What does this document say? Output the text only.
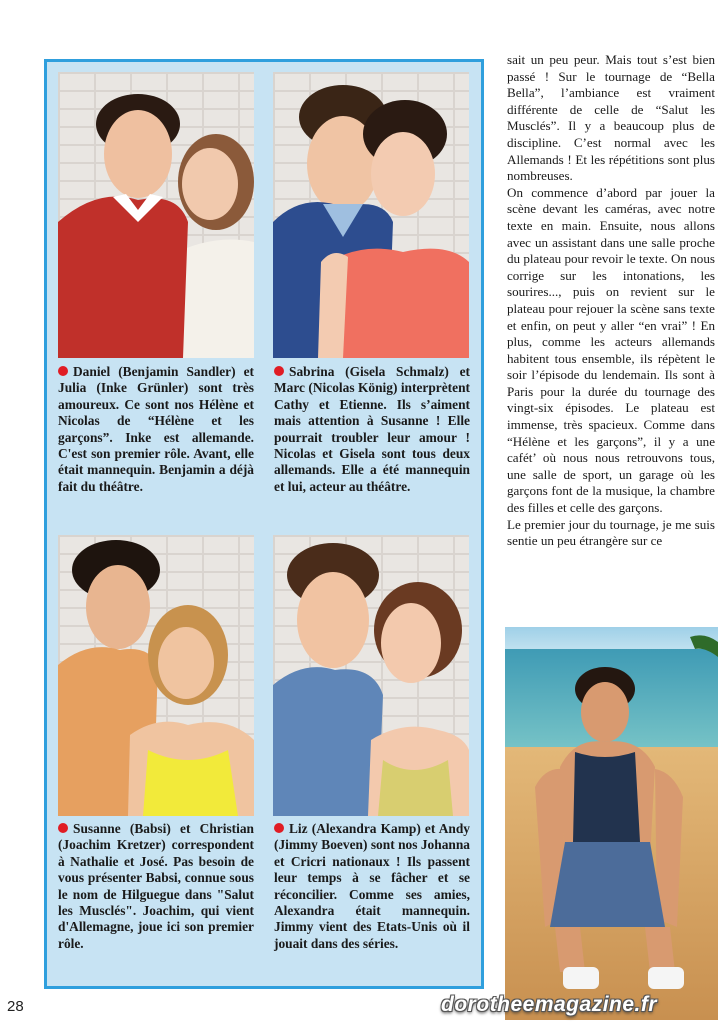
Daniel (Benjamin Sandler) et Julia (Inke Grünler) sont très amoureux. Ce sont nos Hélène et Nicolas de “Hélène et les garçons”. Inke est allemande. C'est son premier rôle. Avant, elle était mannequin. Benjamin a déjà fait du théâtre.
Sabrina (Gisela Schmalz) et Marc (Nicolas König) interprètent Cathy et Etienne. Ils s’aiment mais attention à Susanne ! Elle pourrait troubler leur amour ! Nicolas et Gisela sont tous deux allemands. Elle a été mannequin et lui, acteur au théâtre.
Susanne (Babsi) et Christian (Joachim Kretzer) correspondent à Nathalie et José. Pas besoin de vous présenter Babsi, connue sous le nom de Hilguegue dans "Salut les Musclés". Joachim, qui vient d'Allemagne, joue ici son premier rôle.
Liz (Alexandra Kamp) et Andy (Jimmy Boeven) sont nos Johanna et Cricri nationaux ! Ils passent leur temps à se fâcher et se réconcilier. Comme ses amies, Alexandra était mannequin. Jimmy vient des Etats-Unis où il jouait dans des séries.

sait un peu peur. Mais tout s’est bien passé ! Sur le tournage de “Bella Bella”, l’ambiance est vraiment différente de celle de “Salut les Musclés”. Il y a beaucoup plus de discipline. C’est normal avec les Allemands ! Et les répétitions sont plus nombreuses.

On commence d’abord par jouer la scène devant les caméras, avec notre texte en main. Ensuite, nous allons avec un assistant dans une salle proche du plateau pour revoir le texte. On nous corrige sur les intonations, les sourires..., puis on revient sur le plateau pour rejouer la scène sans texte et enfin, on peut y aller “en vrai” ! En plus, comme les acteurs allemands habitent tous ensemble, ils répètent le soir l’épisode du lendemain. Ils sont à Paris pour la durée du tournage des vingt-six épisodes. Le plateau est immense, très spacieux. Comme dans “Hélène et les garçons”, il y a une cafét’ où nous nous retrouvons tous, une salle de sport, un garage où les garçons font de la musique, la chambre des filles et celle des garçons.

Le premier jour du tournage, je me suis sentie un peu étrangère sur ce

28	dorotheemagazine.fr
